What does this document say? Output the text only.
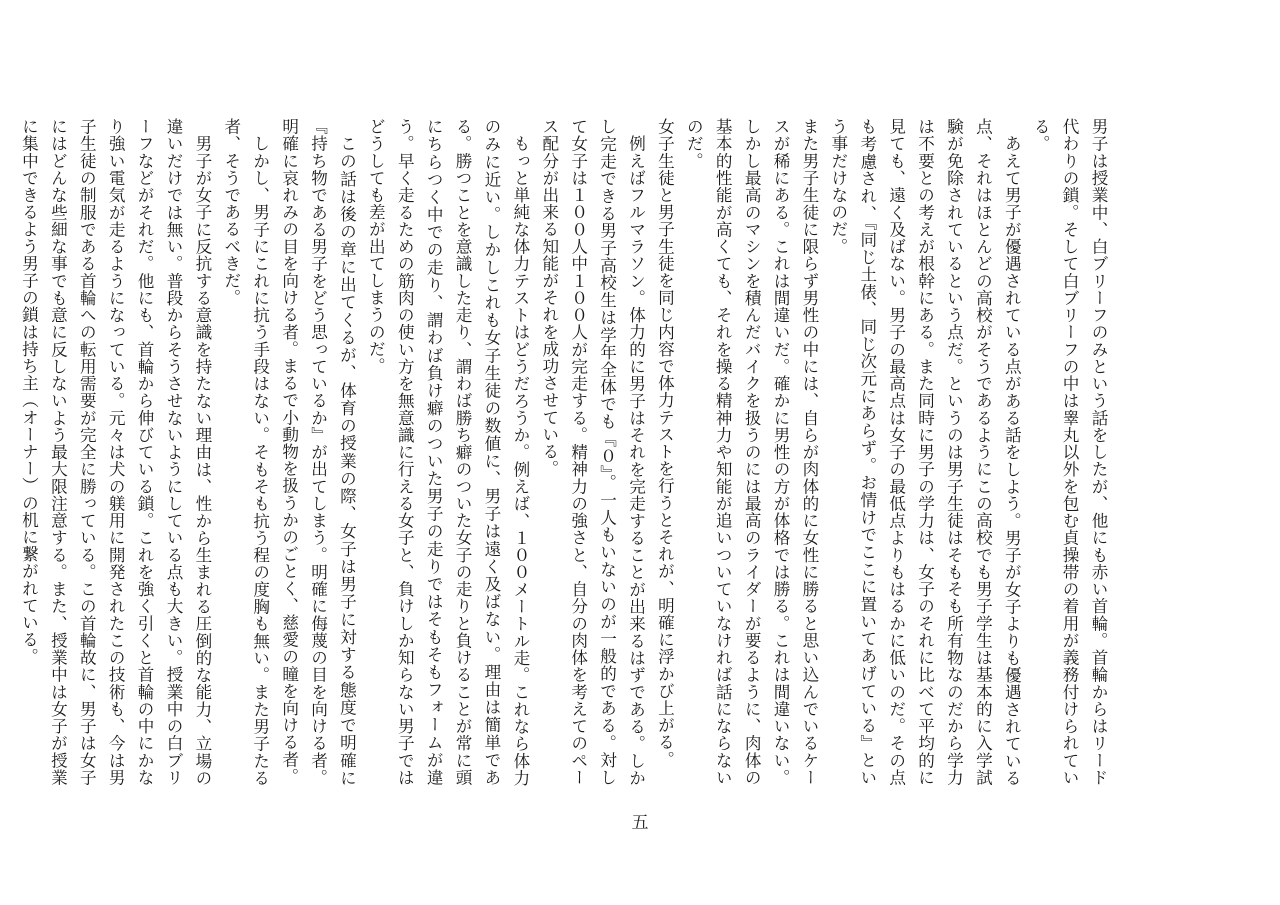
男子は授業中、白ブリーフのみという話をしたが、他にも赤い首輪。首輪からはリード代わりの鎖。そして白ブリーフの中は睾丸以外を包む貞操帯の着用が義務付けられている。

あえて男子が優遇されている点がある話をしよう。男子が女子よりも優遇されている点、それはほとんどの高校がそうであるようにこの高校でも男子学生は基本的に入学試験が免除されているという点だ。というのは男子生徒はそもそも所有物なのだから学力は不要との考えが根幹にある。また同時に男子の学力は、女子のそれに比べて平均的に見ても、遠く及ばない。男子の最高点は女子の最低点よりもはるかに低いのだ。その点も考慮され、『同じ土俵、同じ次元にあらず。お情けでここに置いてあげている』という事だけなのだ。

また男子生徒に限らず男性の中には、自らが肉体的に女性に勝ると思い込んでいるケースが稀にある。これは間違いだ。確かに男性の方が体格では勝る。これは間違いない。しかし最高のマシンを積んだバイクを扱うのには最高のライダーが要るように、肉体の基本的性能が高くても、それを操る精神力や知能が追いついていなければ話にならないのだ。

女子生徒と男子生徒を同じ内容で体力テストを行うとそれが、明確に浮かび上がる。

例えばフルマラソン。体力的に男子はそれを完走することが出来るはずである。しかし完走できる男子高校生は学年全体でも『０』。一人もいないのが一般的である。対して女子は１００人中１００人が完走する。精神力の強さと、自分の肉体を考えてのペース配分が出来る知能がそれを成功させている。

もっと単純な体力テストはどうだろうか。例えば、１００メートル走。これなら体力のみに近い。しかしこれも女子生徒の数値に、男子は遠く及ばない。理由は簡単である。勝つことを意識した走り、謂わば勝ち癖のついた女子の走りと負けることが常に頭にちらつく中での走り、謂わば負け癖のついた男子の走りではそもそもフォームが違う。早く走るための筋肉の使い方を無意識に行える女子と、負けしか知らない男子ではどうしても差が出てしまうのだ。

この話は後の章に出てくるが、体育の授業の際、女子は男子に対する態度で明確に『持ち物である男子をどう思っているか』が出てしまう。明確に侮蔑の目を向ける者。明確に哀れみの目を向ける者。まるで小動物を扱うかのごとく、慈愛の瞳を向ける者。

しかし、男子にこれに抗う手段はない。そもそも抗う程の度胸も無い。また男子たる者、そうであるべきだ。

男子が女子に反抗する意識を持たない理由は、性から生まれる圧倒的な能力、立場の違いだけでは無い。普段からそうさせないようにしている点も大きい。授業中の白ブリーフなどがそれだ。他にも、首輪から伸びている鎖。これを強く引くと首輪の中にかなり強い電気が走るようになっている。元々は犬の躾用に開発されたこの技術も、今は男子生徒の制服である首輪への転用需要が完全に勝っている。この首輪故に、男子は女子にはどんな些細な事でも意に反しないよう最大限注意する。また、授業中は女子が授業に集中できるよう男子の鎖は持ち主（オーナー）の机に繋がれている。

五
